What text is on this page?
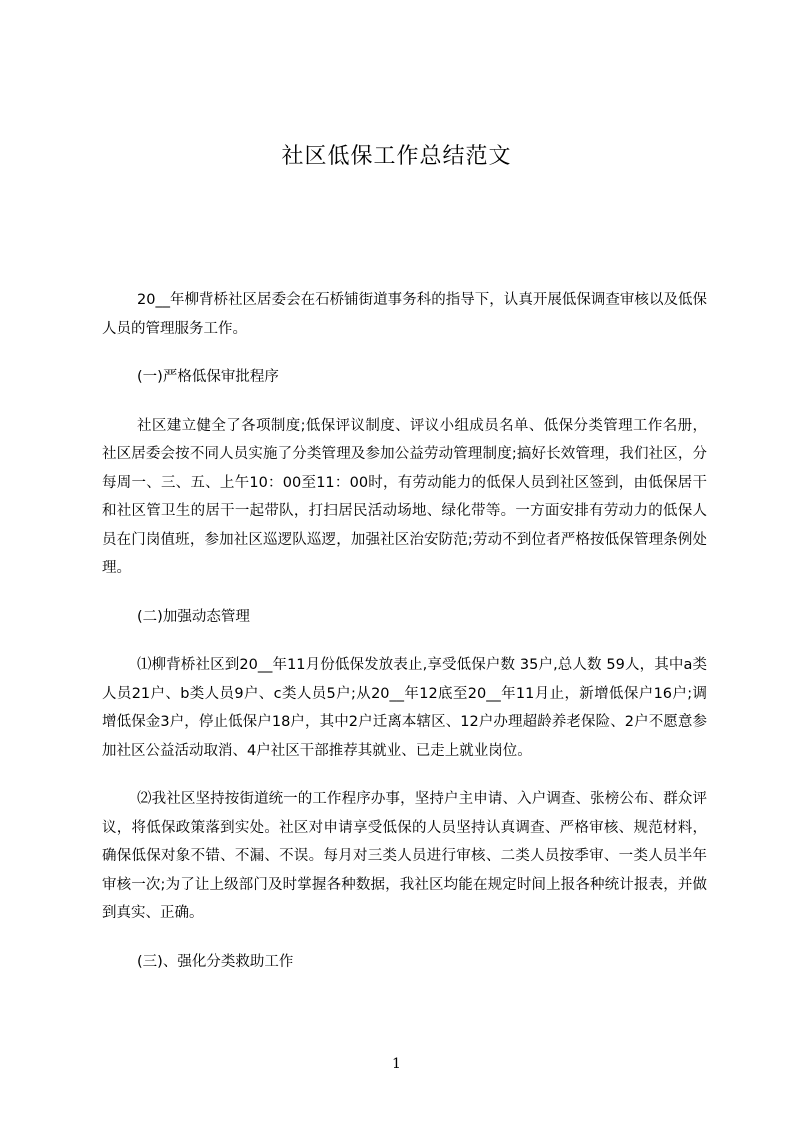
社区低保工作总结范文

20__年柳背桥社区居委会在石桥铺街道事务科的指导下，认真开展低保调查审核以及低保人员的管理服务工作。

(一)严格低保审批程序

社区建立健全了各项制度;低保评议制度、评议小组成员名单、低保分类管理工作名册，社区居委会按不同人员实施了分类管理及参加公益劳动管理制度;搞好长效管理，我们社区，分每周一、三、五、上午10：00至11：00时，有劳动能力的低保人员到社区签到，由低保居干和社区管卫生的居干一起带队，打扫居民活动场地、绿化带等。一方面安排有劳动力的低保人员在门岗值班，参加社区巡逻队巡逻，加强社区治安防范;劳动不到位者严格按低保管理条例处理。

(二)加强动态管理

⑴柳背桥社区到20__年11月份低保发放表止,享受低保户数 35户,总人数 59人，其中a类人员21户、b类人员9户、c类人员5户;从20__年12底至20__年11月止，新增低保户16户;调增低保金3户，停止低保户18户，其中2户迁离本辖区、12户办理超龄养老保险、2户不愿意参加社区公益活动取消、4户社区干部推荐其就业、已走上就业岗位。

⑵我社区坚持按街道统一的工作程序办事，坚持户主申请、入户调查、张榜公布、群众评议，将低保政策落到实处。社区对申请享受低保的人员坚持认真调查、严格审核、规范材料，确保低保对象不错、不漏、不误。每月对三类人员进行审核、二类人员按季审、一类人员半年审核一次;为了让上级部门及时掌握各种数据，我社区均能在规定时间上报各种统计报表，并做到真实、正确。

(三)、强化分类救助工作

1
